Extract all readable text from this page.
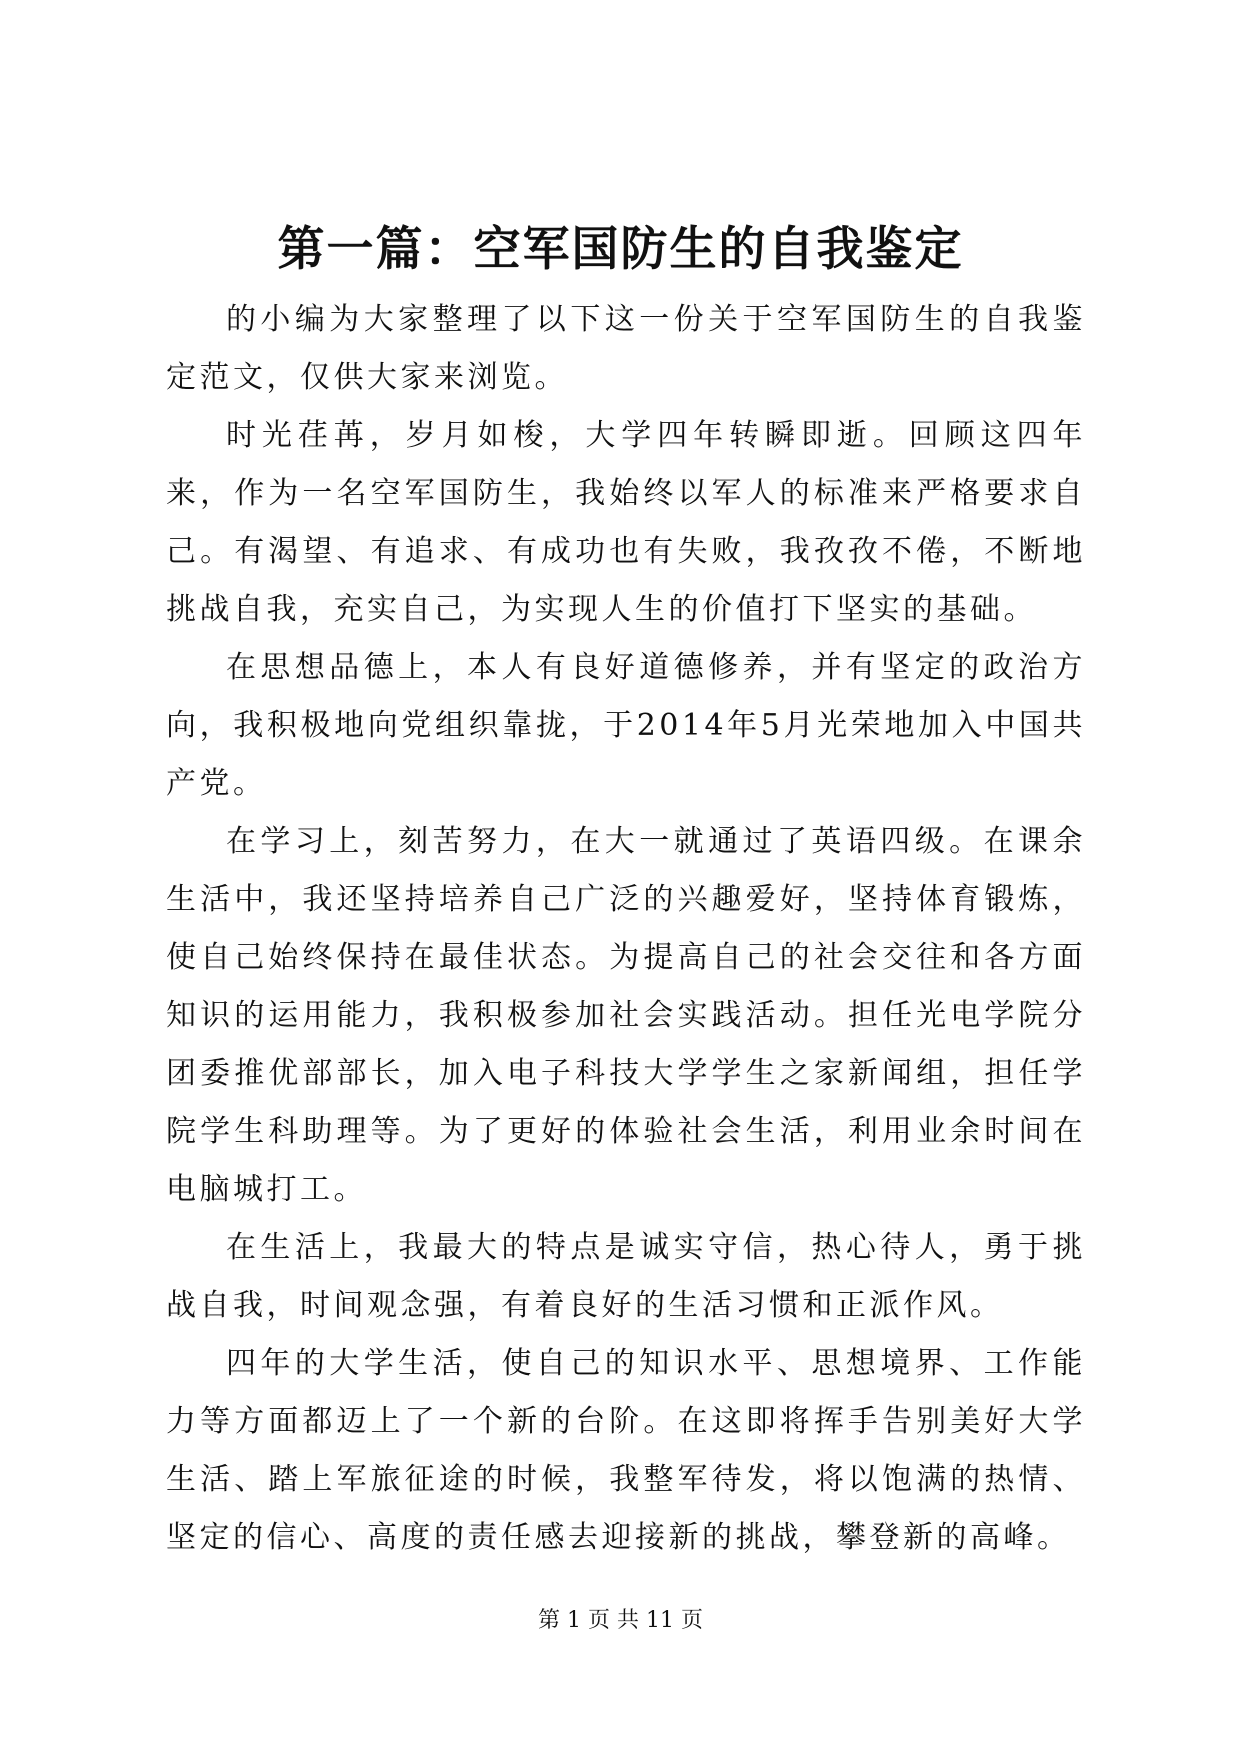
第一篇：空军国防生的自我鉴定

的小编为大家整理了以下这一份关于空军国防生的自我鉴定范文，仅供大家来浏览。

时光荏苒，岁月如梭，大学四年转瞬即逝。回顾这四年来，作为一名空军国防生，我始终以军人的标准来严格要求自己。有渴望、有追求、有成功也有失败，我孜孜不倦，不断地挑战自我，充实自己，为实现人生的价值打下坚实的基础。

在思想品德上，本人有良好道德修养，并有坚定的政治方向，我积极地向党组织靠拢，于2014年5月光荣地加入中国共产党。

在学习上，刻苦努力，在大一就通过了英语四级。在课余生活中，我还坚持培养自己广泛的兴趣爱好，坚持体育锻炼，使自己始终保持在最佳状态。为提高自己的社会交往和各方面知识的运用能力，我积极参加社会实践活动。担任光电学院分团委推优部部长，加入电子科技大学学生之家新闻组，担任学院学生科助理等。为了更好的体验社会生活，利用业余时间在电脑城打工。

在生活上，我最大的特点是诚实守信，热心待人，勇于挑战自我，时间观念强，有着良好的生活习惯和正派作风。

四年的大学生活，使自己的知识水平、思想境界、工作能力等方面都迈上了一个新的台阶。在这即将挥手告别美好大学生活、踏上军旅征途的时候，我整军待发，将以饱满的热情、坚定的信心、高度的责任感去迎接新的挑战，攀登新的高峰。

第 1 页 共 11 页
